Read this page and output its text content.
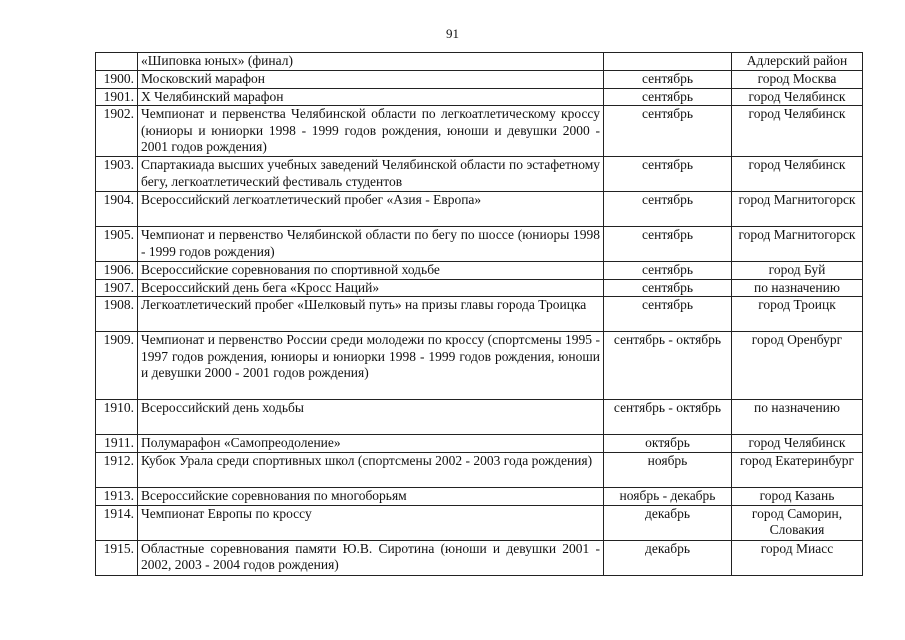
91
	«Шиповка юных» (финал)		Адлерский район
1900.	Московский марафон	сентябрь	город Москва
1901.	X Челябинский марафон	сентябрь	город Челябинск
1902.	Чемпионат и первенства Челябинской области по легкоатлетическому кроссу (юниоры и юниорки 1998 - 1999 годов рождения, юноши и девушки 2000 - 2001 годов рождения)	сентябрь	город Челябинск
1903.	Спартакиада высших учебных заведений Челябинской области по эстафетному бегу, легкоатлетический фестиваль студентов	сентябрь	город Челябинск
1904.	Всероссийский легкоатлетический пробег «Азия - Европа»	сентябрь	город Магнитогорск
1905.	Чемпионат и первенство Челябинской области по бегу по шоссе (юниоры 1998 - 1999 годов рождения)	сентябрь	город Магнитогорск
1906.	Всероссийские соревнования по спортивной ходьбе	сентябрь	город Буй
1907.	Всероссийский день бега «Кросс Наций»	сентябрь	по назначению
1908.	Легкоатлетический пробег «Шелковый путь» на призы главы города Троицка	сентябрь	город Троицк
1909.	Чемпионат и первенство России среди молодежи по кроссу (спортсмены 1995 - 1997 годов рождения, юниоры и юниорки 1998 - 1999 годов рождения, юноши и девушки 2000 - 2001 годов рождения)	сентябрь - октябрь	город Оренбург
1910.	Всероссийский день ходьбы	сентябрь - октябрь	по назначению
1911.	Полумарафон «Самопреодоление»	октябрь	город Челябинск
1912.	Кубок Урала среди спортивных школ (спортсмены 2002 - 2003 года рождения)	ноябрь	город Екатеринбург
1913.	Всероссийские соревнования по многоборьям	ноябрь - декабрь	город Казань
1914.	Чемпионат Европы по кроссу	декабрь	город Саморин, Словакия
1915.	Областные соревнования памяти Ю.В. Сиротина (юноши и девушки 2001 - 2002, 2003 - 2004 годов рождения)	декабрь	город Миасс
